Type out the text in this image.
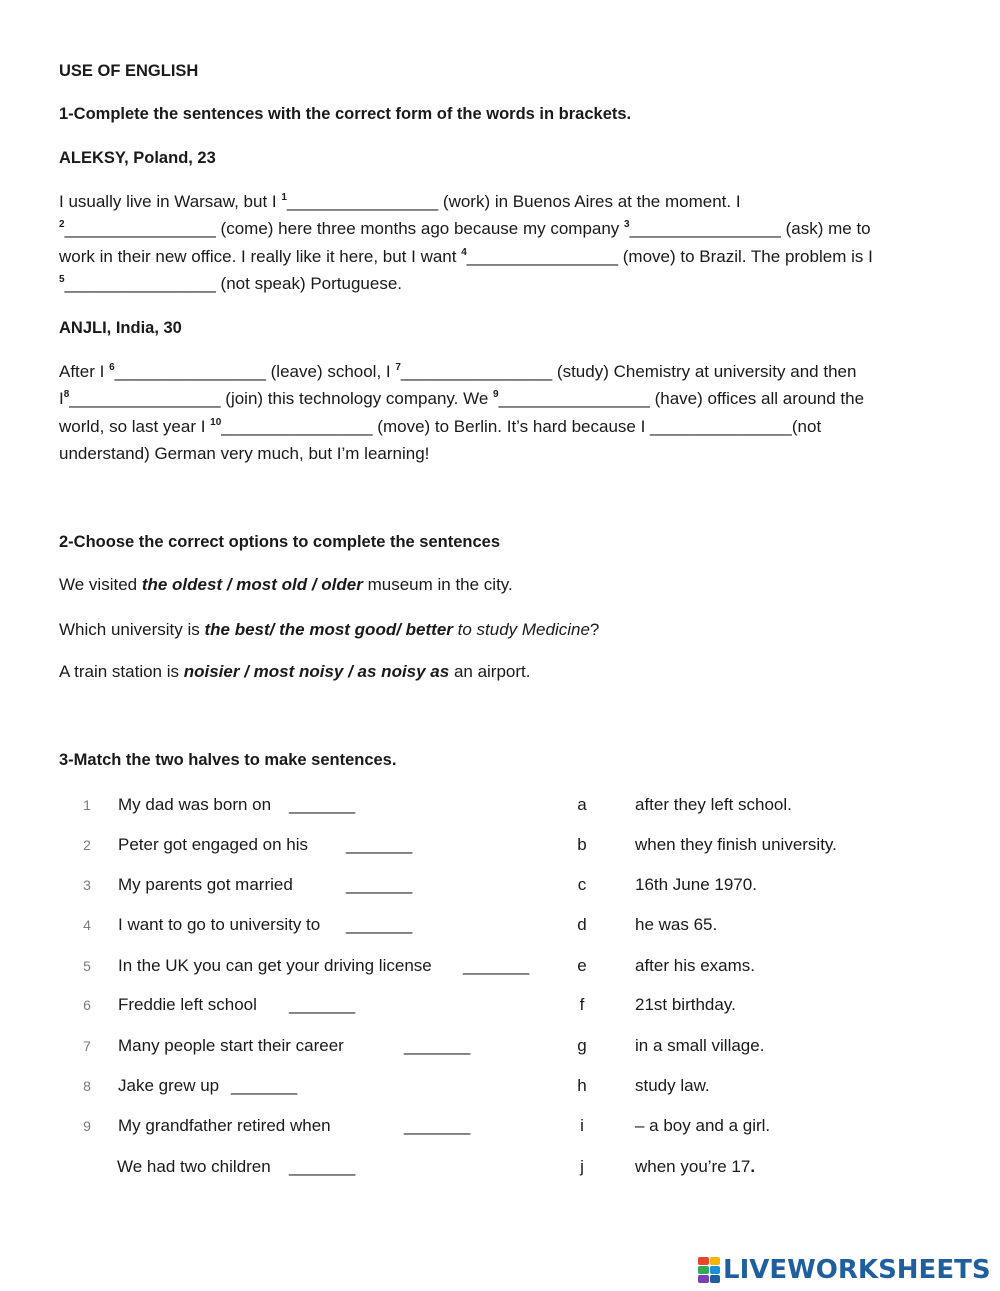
USE OF ENGLISH
1-Complete the sentences with the correct form of the words in brackets.
ALEKSY, Poland, 23
I usually live in Warsaw, but I $^1$________________ (work) in Buenos Aires at the moment. I
$^2$________________ (come) here three months ago because my company $^3$________________ (ask) me to
work in their new office. I really like it here, but I want $^4$________________ (move) to Brazil. The problem is I
$^5$________________ (not speak) Portuguese.
ANJLI, India, 30
After I $^6$________________ (leave) school, I $^7$________________ (study) Chemistry at university and then
$I^8\_\_\_\_\_\_\_\_\_\_\_\_\_\_\_\_$ (join) this technology company. We $^9$________________ (have) offices all around the
world, so last year I $^{10}$________________ (move) to Berlin. It’s hard because I _______________(not
understand) German very much, but I’m learning!
2-Choose the correct options to complete the sentences
We visited the oldest / most old / older museum in the city.
Which university is the best/ the most good/ better to study Medicine?
A train station is noisier / most noisy / as noisy as an airport.
3-Match the two halves to make sentences.
1	My dad was born on _______	a	after they left school.
2	Peter got engaged on his _______	b	when they finish university.
3	My parents got married	_______	c	16th June 1970.
4	I want to go to university to _______	d	he was 65.
5	In the UK you can get your driving license _______	e	after his exams.
6	Freddie left school _______	f	21st birthday.
7	Many people start their career	_______	g	in a small village.
8	Jake grew up _______	h	study law.
9	My grandfather retired when	_______	i	– a boy and a girl.
We had two children _______	j	when you’re 17.
LIVEWORKSHEETS
